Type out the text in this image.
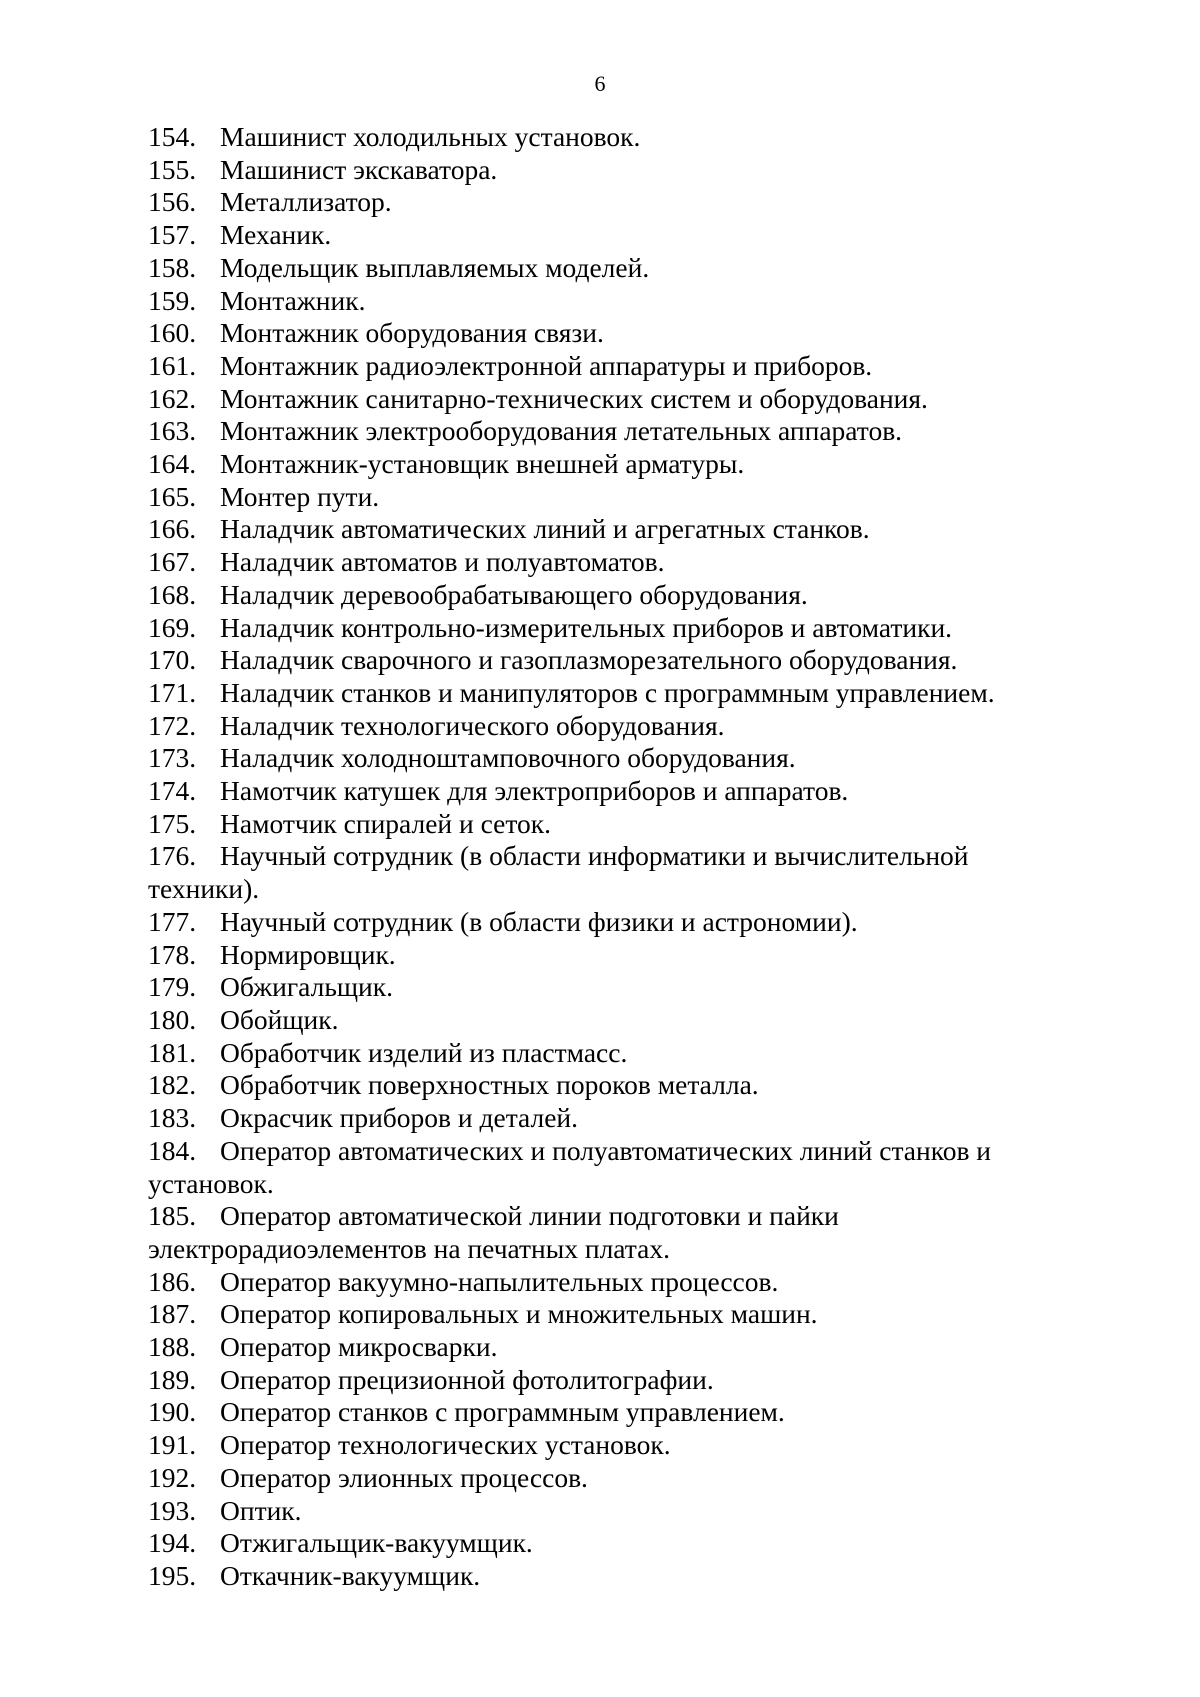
6
154. Машинист холодильных установок.
155. Машинист экскаватора.
156. Металлизатор.
157. Механик.
158. Модельщик выплавляемых моделей.
159. Монтажник.
160. Монтажник оборудования связи.
161. Монтажник радиоэлектронной аппаратуры и приборов.
162. Монтажник санитарно-технических систем и оборудования.
163. Монтажник электрооборудования летательных аппаратов.
164. Монтажник-установщик внешней арматуры.
165. Монтер пути.
166. Наладчик автоматических линий и агрегатных станков.
167. Наладчик автоматов и полуавтоматов.
168. Наладчик деревообрабатывающего оборудования.
169. Наладчик контрольно-измерительных приборов и автоматики.
170. Наладчик сварочного и газоплазморезательного оборудования.
171. Наладчик станков и манипуляторов с программным управлением.
172. Наладчик технологического оборудования.
173. Наладчик холодноштамповочного оборудования.
174. Намотчик катушек для электроприборов и аппаратов.
175. Намотчик спиралей и сеток.
176. Научный сотрудник (в области информатики и вычислительной техники).
177. Научный сотрудник (в области физики и астрономии).
178. Нормировщик.
179. Обжигальщик.
180. Обойщик.
181. Обработчик изделий из пластмасс.
182. Обработчик поверхностных пороков металла.
183. Окрасчик приборов и деталей.
184. Оператор автоматических и полуавтоматических линий станков и установок.
185. Оператор автоматической линии подготовки и пайки электрорадиоэлементов на печатных платах.
186. Оператор вакуумно-напылительных процессов.
187. Оператор копировальных и множительных машин.
188. Оператор микросварки.
189. Оператор прецизионной фотолитографии.
190. Оператор станков с программным управлением.
191. Оператор технологических установок.
192. Оператор элионных процессов.
193. Оптик.
194. Отжигальщик-вакуумщик.
195. Откачник-вакуумщик.
